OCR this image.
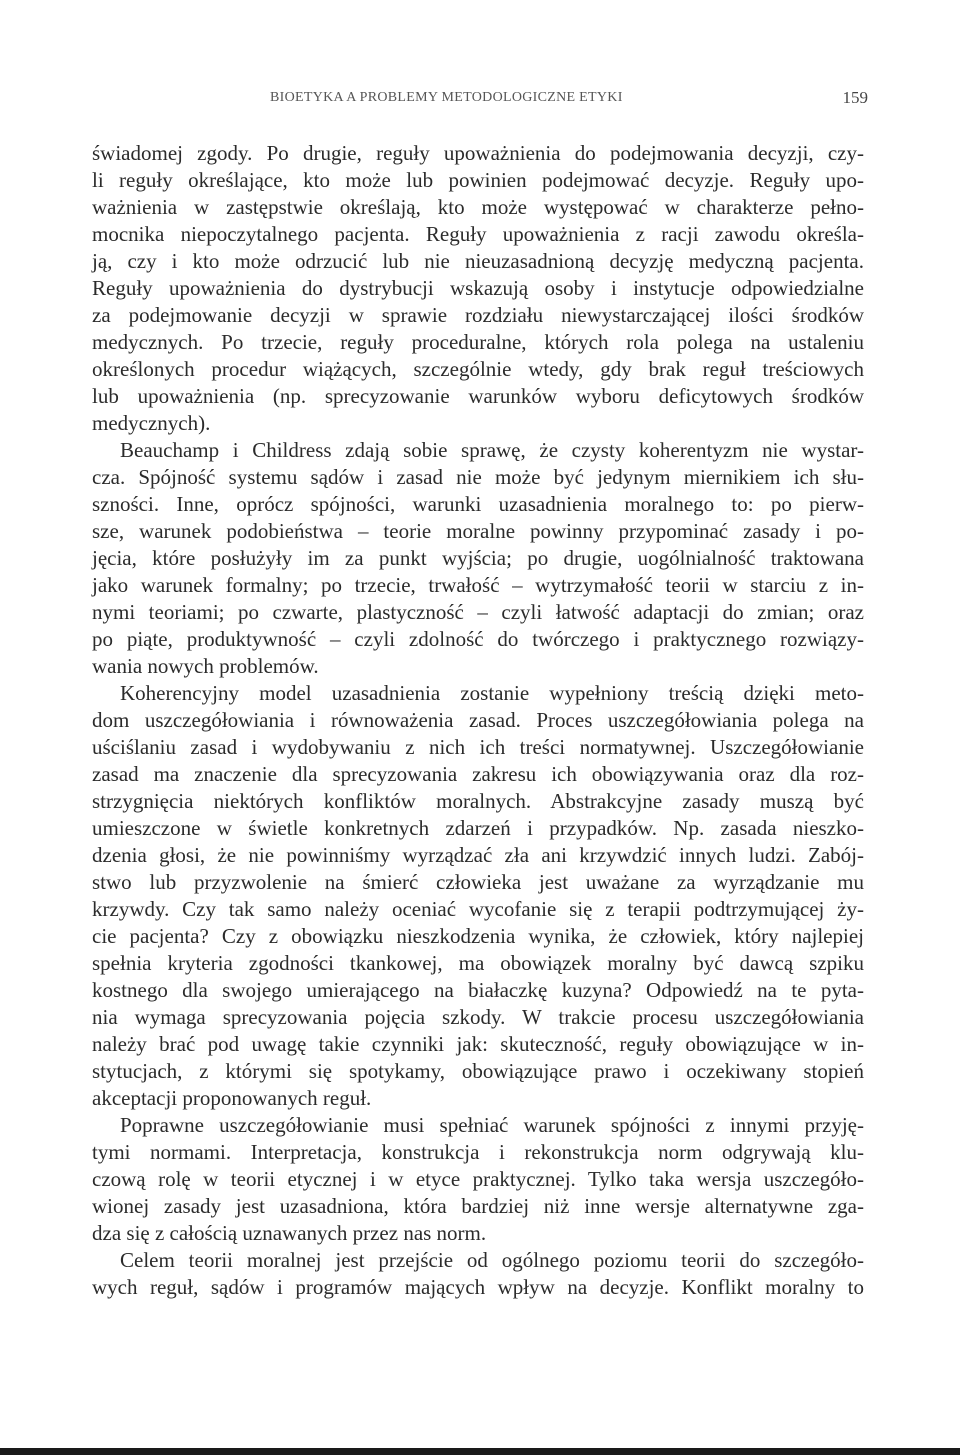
BIOETYKA A PROBLEMY METODOLOGICZNE ETYKI	159
świadomej zgody. Po drugie, reguły upoważnienia do podejmowania decyzji, czy-
li reguły określające, kto może lub powinien podejmować decyzje. Reguły upo-
ważnienia w zastępstwie określają, kto może występować w charakterze pełno-
mocnika niepoczytalnego pacjenta. Reguły upoważnienia z racji zawodu określa-
ją, czy i kto może odrzucić lub nie nieuzasadnioną decyzję medyczną pacjenta.
Reguły upoważnienia do dystrybucji wskazują osoby i instytucje odpowiedzialne
za podejmowanie decyzji w sprawie rozdziału niewystarczającej ilości środków
medycznych. Po trzecie, reguły proceduralne, których rola polega na ustaleniu
określonych procedur wiążących, szczególnie wtedy, gdy brak reguł treściowych
lub upoważnienia (np. sprecyzowanie warunków wyboru deficytowych środków
medycznych).
Beauchamp i Childress zdają sobie sprawę, że czysty koherentyzm nie wystar-
cza. Spójność systemu sądów i zasad nie może być jedynym miernikiem ich słu-
szności. Inne, oprócz spójności, warunki uzasadnienia moralnego to: po pierw-
sze, warunek podobieństwa – teorie moralne powinny przypominać zasady i po-
jęcia, które posłużyły im za punkt wyjścia; po drugie, uogólnialność traktowana
jako warunek formalny; po trzecie, trwałość – wytrzymałość teorii w starciu z in-
nymi teoriami; po czwarte, plastyczność – czyli łatwość adaptacji do zmian; oraz
po piąte, produktywność – czyli zdolność do twórczego i praktycznego rozwiązy-
wania nowych problemów.
Koherencyjny model uzasadnienia zostanie wypełniony treścią dzięki meto-
dom uszczegółowiania i równoważenia zasad. Proces uszczegółowiania polega na
uściślaniu zasad i wydobywaniu z nich ich treści normatywnej. Uszczegółowianie
zasad ma znaczenie dla sprecyzowania zakresu ich obowiązywania oraz dla roz-
strzygnięcia niektórych konfliktów moralnych. Abstrakcyjne zasady muszą być
umieszczone w świetle konkretnych zdarzeń i przypadków. Np. zasada nieszko-
dzenia głosi, że nie powinniśmy wyrządzać zła ani krzywdzić innych ludzi. Zabój-
stwo lub przyzwolenie na śmierć człowieka jest uważane za wyrządzanie mu
krzywdy. Czy tak samo należy oceniać wycofanie się z terapii podtrzymującej ży-
cie pacjenta? Czy z obowiązku nieszkodzenia wynika, że człowiek, który najlepiej
spełnia kryteria zgodności tkankowej, ma obowiązek moralny być dawcą szpiku
kostnego dla swojego umierającego na białaczkę kuzyna? Odpowiedź na te pyta-
nia wymaga sprecyzowania pojęcia szkody. W trakcie procesu uszczegółowiania
należy brać pod uwagę takie czynniki jak: skuteczność, reguły obowiązujące w in-
stytucjach, z którymi się spotykamy, obowiązujące prawo i oczekiwany stopień
akceptacji proponowanych reguł.
Poprawne uszczegółowianie musi spełniać warunek spójności z innymi przyję-
tymi normami. Interpretacja, konstrukcja i rekonstrukcja norm odgrywają klu-
czową rolę w teorii etycznej i w etyce praktycznej. Tylko taka wersja uszczegóło-
wionej zasady jest uzasadniona, która bardziej niż inne wersje alternatywne zga-
dza się z całością uznawanych przez nas norm.
Celem teorii moralnej jest przejście od ogólnego poziomu teorii do szczegóło-
wych reguł, sądów i programów mających wpływ na decyzje. Konflikt moralny to
